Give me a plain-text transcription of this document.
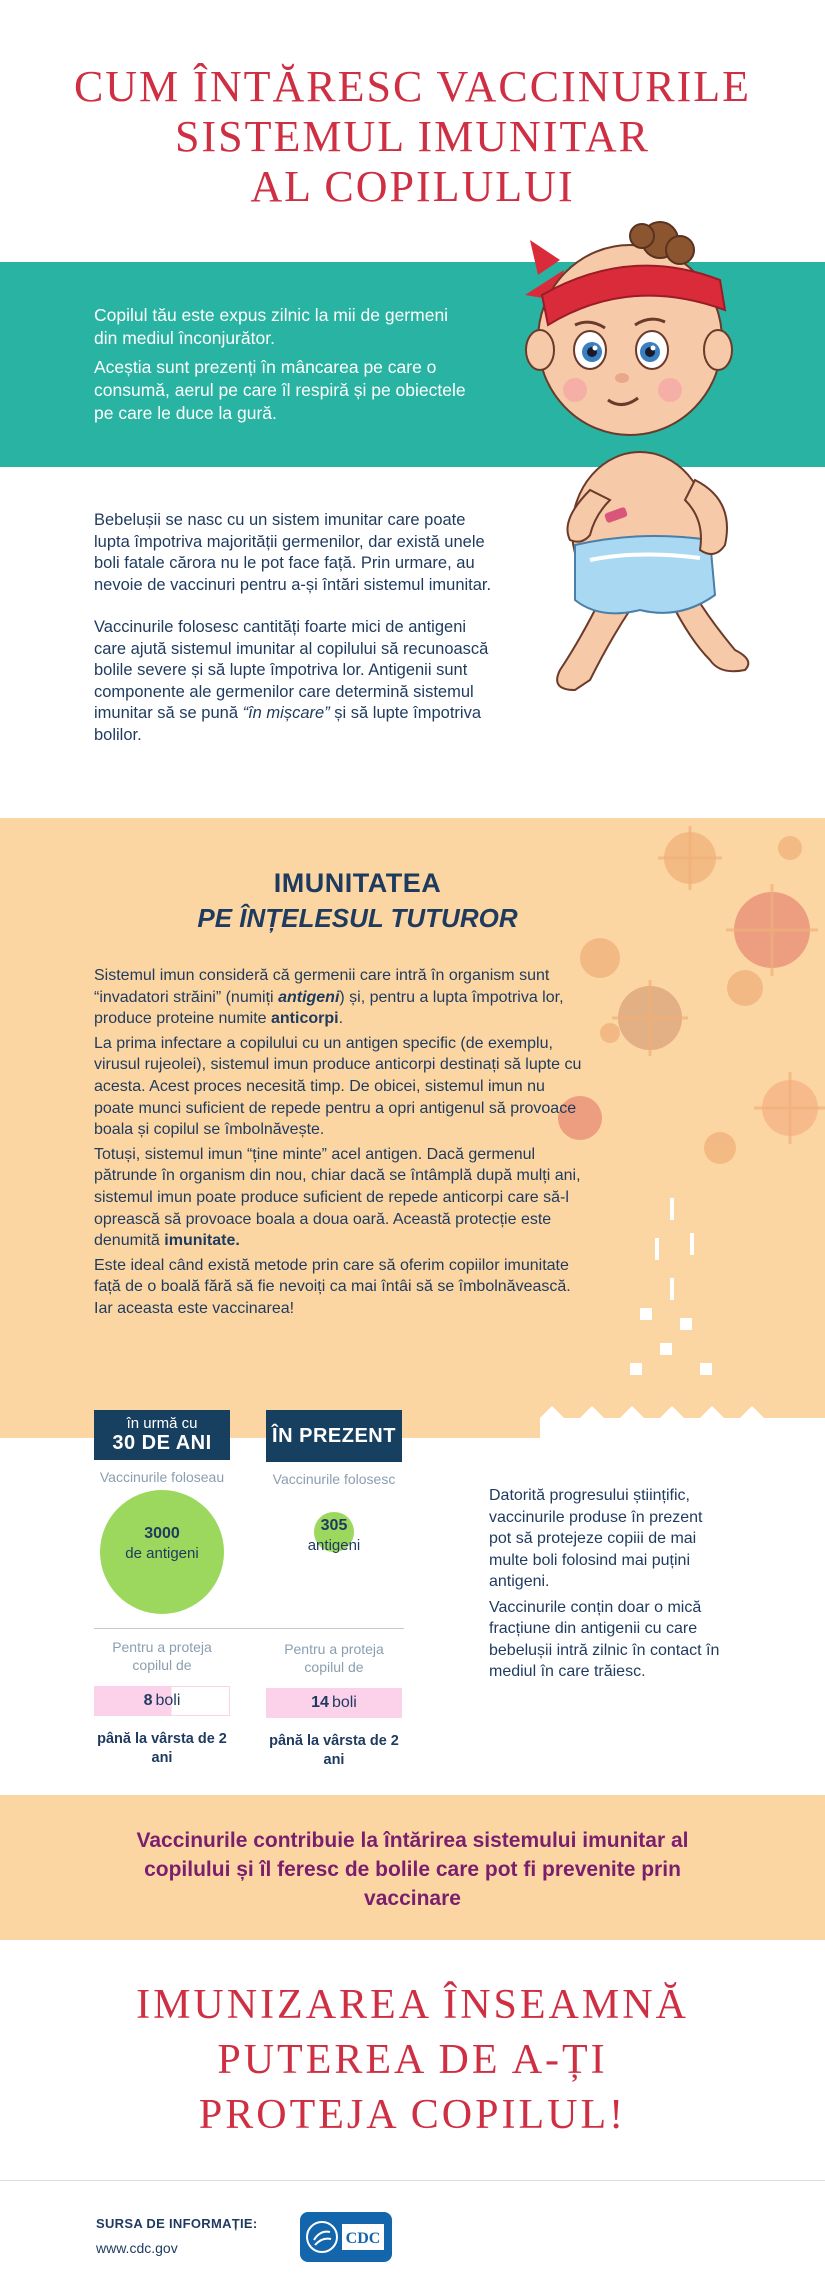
CUM ÎNTĂRESC VACCINURILE
SISTEMUL IMUNITAR
AL COPILULUI

Copilul tău este expus zilnic la mii de germeni din mediul înconjurător.

Aceștia sunt prezenți în mâncarea pe care o consumă, aerul pe care îl respiră și pe obiectele pe care le duce la gură.

Bebelușii se nasc cu un sistem imunitar care poate lupta împotriva majorității germenilor, dar există unele boli fatale cărora nu le pot face față. Prin urmare, au nevoie de vaccinuri pentru a-și întări sistemul imunitar.

Vaccinurile folosesc cantități foarte mici de antigeni care ajută sistemul imunitar al copilului să recunoască bolile severe și să lupte împotriva lor. Antigenii sunt componente ale germenilor care determină sistemul imunitar să se pună “în mișcare” și să lupte împotriva bolilor.

IMUNITATEA
PE ÎNȚELESUL TUTUROR

Sistemul imun consideră că germenii care intră în organism sunt “invadatori străini” (numiți antigeni) și, pentru a lupta împotriva lor, produce proteine numite anticorpi.

La prima infectare a copilului cu un antigen specific (de exemplu, virusul rujeolei), sistemul imun produce anticorpi destinați să lupte cu acesta. Acest proces necesită timp. De obicei, sistemul imun nu poate munci suficient de repede pentru a opri antigenul să provoace boala și copilul se îmbolnăvește.

Totuși, sistemul imun “ține minte” acel antigen. Dacă germenul pătrunde în organism din nou, chiar dacă se întâmplă după mulți ani, sistemul imun poate produce suficient de repede anticorpi care să-l oprească să provoace boala a doua oară. Această protecție este denumită imunitate.

Este ideal când există metode prin care să oferim copiilor imunitate față de o boală fără să fie nevoiți ca mai întâi să se îmbolnăvească. Iar aceasta este vaccinarea!

în urmă cu
30 DE ANI
Vaccinurile foloseau
3000
de antigeni
Pentru a proteja copilul de
8 boli
până la vârsta de 2 ani
ÎN PREZENT
Vaccinurile folosesc
305
antigeni
Pentru a proteja copilul de
14 boli
până la vârsta de 2 ani

Datorită progresului științific, vaccinurile produse în prezent pot să protejeze copiii de mai multe boli folosind mai puțini antigeni.

Vaccinurile conțin doar o mică fracțiune din antigenii cu care bebelușii intră zilnic în contact în mediul în care trăiesc.

Vaccinurile contribuie la întărirea sistemului imunitar al copilului și îl feresc de bolile care pot fi prevenite prin vaccinare
IMUNIZAREA ÎNSEAMNĂ
PUTEREA DE A-ȚI
PROTEJA COPILUL!
SURSA DE INFORMAȚIE:
www.cdc.gov
CDC
